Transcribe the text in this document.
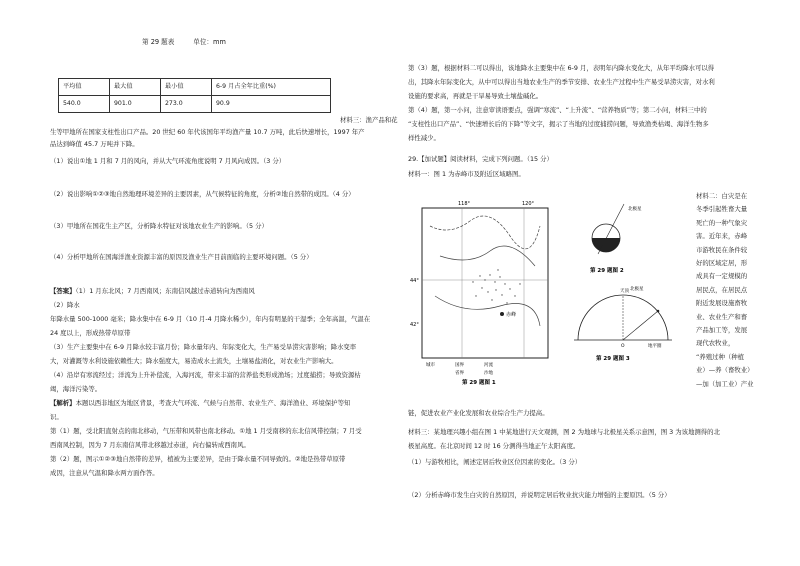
第 29 题表	单位：mm
平均值	最大值	最小值	6-9 月占全年比重(%)
540.0	901.0	273.0	90.9
材料三：渔产品和花
生等甲地所在国家支柱性出口产品。20 世纪 60 年代该国年平均渔产量 10.7 万吨，此后快速增长，1997 年产
品达到峰值 45.7 万吨并下降。
（1）说出①地 1 月和 7 月的风向，并从大气环流角度说明 7 月风向成因。（3 分）
（2）说出影响①②③地自然地理环境差异的主要因素，从气候特征的角度，分析②地自然带的成因。（4 分）
（3）甲地所在国花生主产区，分析降水特征对该地农业生产的影响。（5 分）
（4）分析甲地所在国海洋渔业资源丰富的原因及渔业生产目前面临的主要环境问题。（5 分）
【答案】（1）1 月东北风；7 月西南风；东南信风越过赤道转向为西南风
（2）降水
年降水量 500-1000 毫米；降水集中在 6-9 月（10 月-4 月降水稀少），年内有明显的干湿季；全年高温，气温在
24 度以上，形成热带草原带
（3）生产主要集中在 6-9 月降水较丰富月份；降水量年内、年际变化大，生产易受旱涝灾害影响；降水变率
大，对灌溉等水利设施依赖性大；降水强度大，易造成水土流失，土壤易盐渍化，对农业生产影响大。
（4）沿岸有寒流经过；洋流为上升补偿流，入海河流，带来丰富的营养盐类形成渔场；过度捕捞；导致资源枯
竭，海洋污染等。
【解析】本题以西非地区为地区背景，考查大气环流、气候与自然带、农业生产、海洋渔业、环境保护等知
识。
第（1）题，受北阳直射点的南北移动，气压带和风带也南北移动。①地 1 月受南移的东北信风带控制；7 月受
西南风控制，因为 7 月东南信风带北移越过赤道，向右偏转成西南风。
第（2）题，图示①②③地自然带的差异，植被为主要差异，是由于降水量不同导致的。②地是热带草原带
成因，注意从气温和降水两方面作答。
第（3）题，根据材料二可以得出，该地降水主要集中在 6-9 月，表明年内降水变化大，从年平均降水可以得
出，其降水年际变化大，从中可以得出当地农业生产的季节安排、农业生产过程中生产易受旱涝灾害，对水利
设施的要求高，再就是干旱易导致土壤盐碱化。
第（4）题，第一小问，注意审读语要点，强调“寒流”、“上升流”、“营养物质”等；第二小问，材料三中的
“支柱性出口产品”、“快速增长后的下降”等文字，揭示了当地的过度捕捞问题，导致渔类枯竭、海洋生物多
样性减少。
29.【加试题】阅读材料，完成下列问题。（15 分）
材料一：图 1 为赤峰市及附近区域略图。
118°	120°
44°
42°
赤峰
城市	国界	河流
省界	沙地
第 29 题图 1
北极星
第 29 题图 2
北极星
天顶
地平圈
O
第 29 题图 3
材料二：白灾是在
冬季引起牲畜大量
死亡的一种气象灾
害。近年来，赤峰
市游牧民在条件较
好的区域定居，形
成具有一定规模的
居民点，在居民点
附近发展设施畜牧
业、农业生产和畜
产品加工等，发展
现代农牧业，
“养殖过种（种植
业）—养（畜牧业）
—加（加工业）产业
链，促进农业产业化发展和农业综合生产力提高。
材料三：某地理兴趣小组在图 1 中某地进行天文观测，图 2 为地球与北极星关系示意图，图 3 为该地测得的北
极星高度。在北京时间 12 时 16 分测得当地正午太阳高度。
（1）与游牧相比，阐述定居后牧业区位因素的变化。（3 分）
（2）分析赤峰市发生白灾的自然原因，并说明定居后牧业抗灾能力增强的主要原因。（5 分）
